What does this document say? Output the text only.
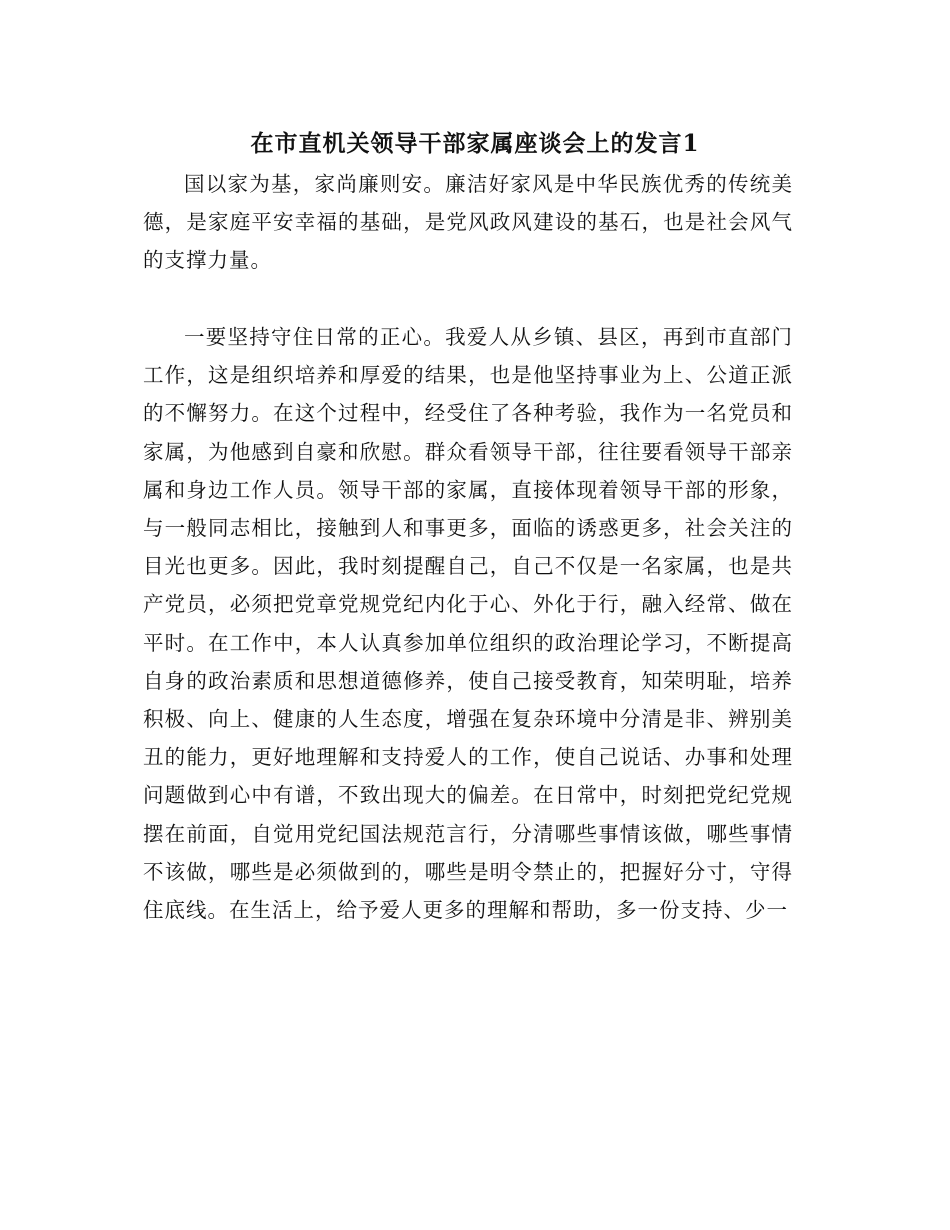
在市直机关领导干部家属座谈会上的发言1

国以家为基，家尚廉则安。廉洁好家风是中华民族优秀的传统美德，是家庭平安幸福的基础，是党风政风建设的基石，也是社会风气的支撑力量。

一要坚持守住日常的正心。我爱人从乡镇、县区，再到市直部门工作，这是组织培养和厚爱的结果，也是他坚持事业为上、公道正派的不懈努力。在这个过程中，经受住了各种考验，我作为一名党员和家属，为他感到自豪和欣慰。群众看领导干部，往往要看领导干部亲属和身边工作人员。领导干部的家属，直接体现着领导干部的形象，与一般同志相比，接触到人和事更多，面临的诱惑更多，社会关注的目光也更多。因此，我时刻提醒自己，自己不仅是一名家属，也是共产党员，必须把党章党规党纪内化于心、外化于行，融入经常、做在平时。在工作中，本人认真参加单位组织的政治理论学习，不断提高自身的政治素质和思想道德修养，使自己接受教育，知荣明耻，培养积极、向上、健康的人生态度，增强在复杂环境中分清是非、辨别美丑的能力，更好地理解和支持爱人的工作，使自己说话、办事和处理问题做到心中有谱，不致出现大的偏差。在日常中，时刻把党纪党规摆在前面，自觉用党纪国法规范言行，分清哪些事情该做，哪些事情不该做，哪些是必须做到的，哪些是明令禁止的，把握好分寸，守得住底线。在生活上，给予爱人更多的理解和帮助，多一份支持、少一
